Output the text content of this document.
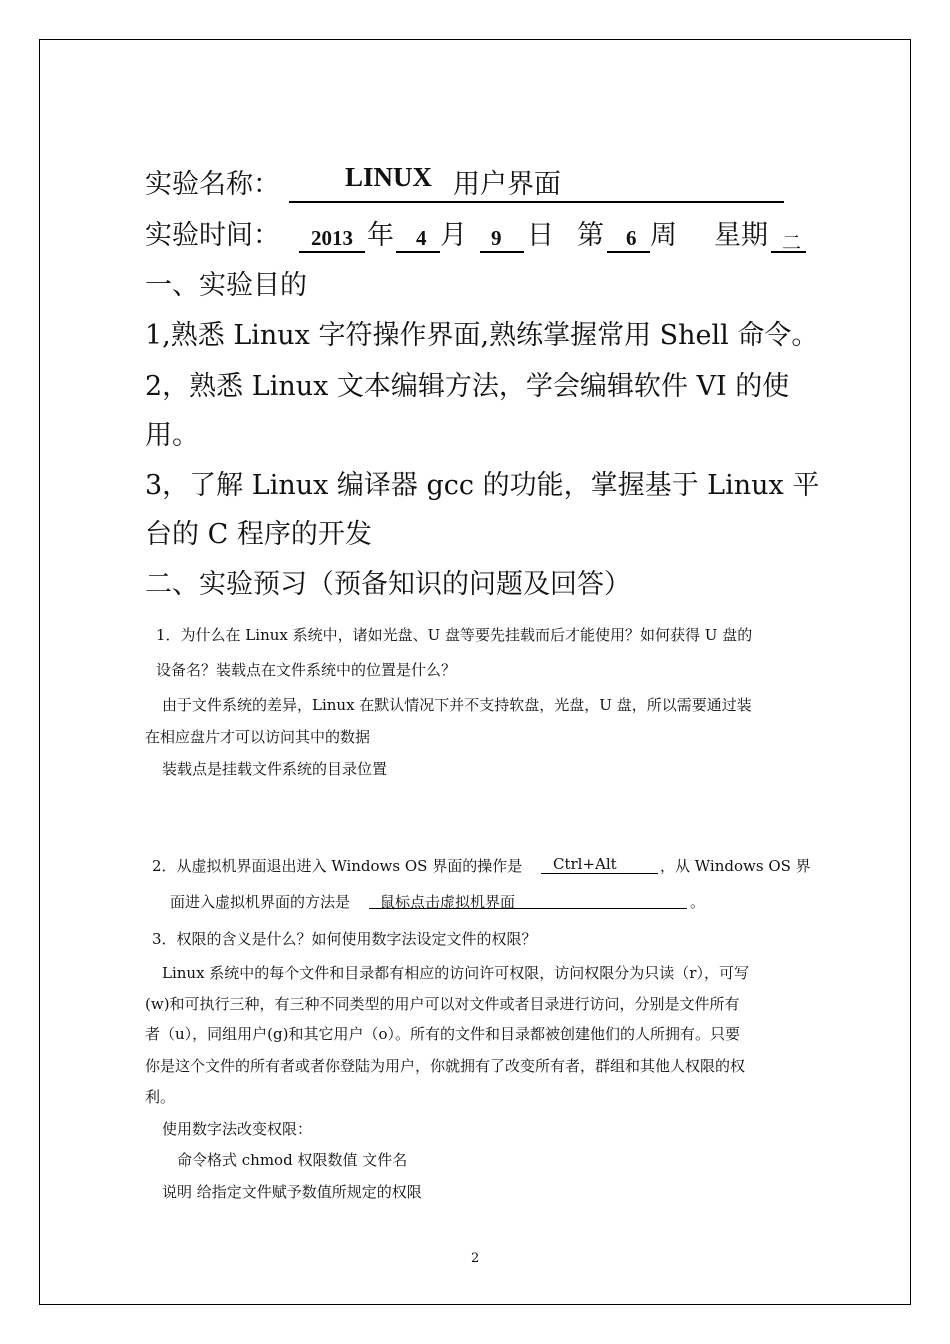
实验名称： LINUX 用户界面
实验时间： 2013 年 4 月 9 日 第 6 周 星期 二
一、实验目的
1,熟悉 Linux 字符操作界面,熟练掌握常用 Shell 命令。
2，熟悉 Linux 文本编辑方法，学会编辑软件 VI 的使
用。
3，了解 Linux 编译器 gcc 的功能，掌握基于 Linux 平
台的 C 程序的开发
二、实验预习（预备知识的问题及回答）
1．为什么在 Linux 系统中，诸如光盘、U 盘等要先挂载而后才能使用？如何获得 U 盘的
设备名？装载点在文件系统中的位置是什么？
由于文件系统的差异，Linux 在默认情况下并不支持软盘，光盘，U 盘，所以需要通过装
在相应盘片才可以访问其中的数据
装载点是挂载文件系统的目录位置
2．从虚拟机界面退出进入 Windows OS 界面的操作是 Ctrl+Alt	，从 Windows OS 界
面进入虚拟机界面的方法是 鼠标点击虚拟机界面	。
3．权限的含义是什么？如何使用数字法设定文件的权限？
Linux 系统中的每个文件和目录都有相应的访问许可权限，访问权限分为只读（r），可写
(w)和可执行三种，有三种不同类型的用户可以对文件或者目录进行访问，分别是文件所有
者（u），同组用户(g)和其它用户（o）。所有的文件和目录都被创建他们的人所拥有。只要
你是这个文件的所有者或者你登陆为用户，你就拥有了改变所有者，群组和其他人权限的权
利。
使用数字法改变权限：
命令格式 chmod 权限数值 文件名
说明 给指定文件赋予数值所规定的权限
2
